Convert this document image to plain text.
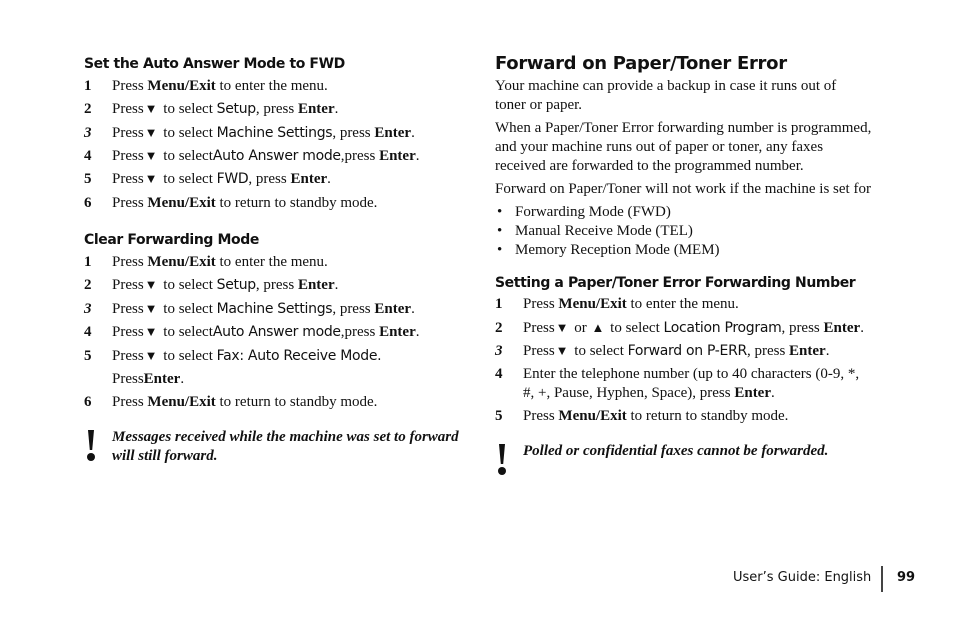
Set the Auto Answer Mode to FWD
1 Press Menu/Exit to enter the menu.
2 Press▼ to select Setup, press Enter.
3 Press▼ to select Machine Settings, press Enter.
4 Press▼ to selectAuto Answer mode,press Enter.
5 Press▼ to select FWD, press Enter.
6 Press Menu/Exit to return to standby mode.
Clear Forwarding Mode
1 Press Menu/Exit to enter the menu.
2 Press▼ to select Setup, press Enter.
3 Press▼ to select Machine Settings, press Enter.
4 Press▼ to selectAuto Answer mode,press Enter.
5 Press▼ to select Fax: Auto Receive Mode.
PressEnter.
6 Press Menu/Exit to return to standby mode.
Messages received while the machine was set to forward
will still forward.
Forward on Paper/Toner Error
Your machine can provide a backup in case it runs out of
toner or paper.
When a Paper/Toner Error forwarding number is programmed,
and your machine runs out of paper or toner, any faxes
received are forwarded to the programmed number.
Forward on Paper/Toner will not work if the machine is set for
• Forwarding Mode (FWD)
• Manual Receive Mode (TEL)
• Memory Reception Mode (MEM)
Setting a Paper/Toner Error Forwarding Number
1 Press Menu/Exit to enter the menu.
2 Press▼ or ▲ to select Location Program, press Enter.
3 Press▼ to select Forward on P-ERR, press Enter.
4 Enter the telephone number (up to 40 characters (0-9, *,
#, +, Pause, Hyphen, Space), press Enter.
5 Press Menu/Exit to return to standby mode.
Polled or confidential faxes cannot be forwarded.
User’s Guide: English 99
